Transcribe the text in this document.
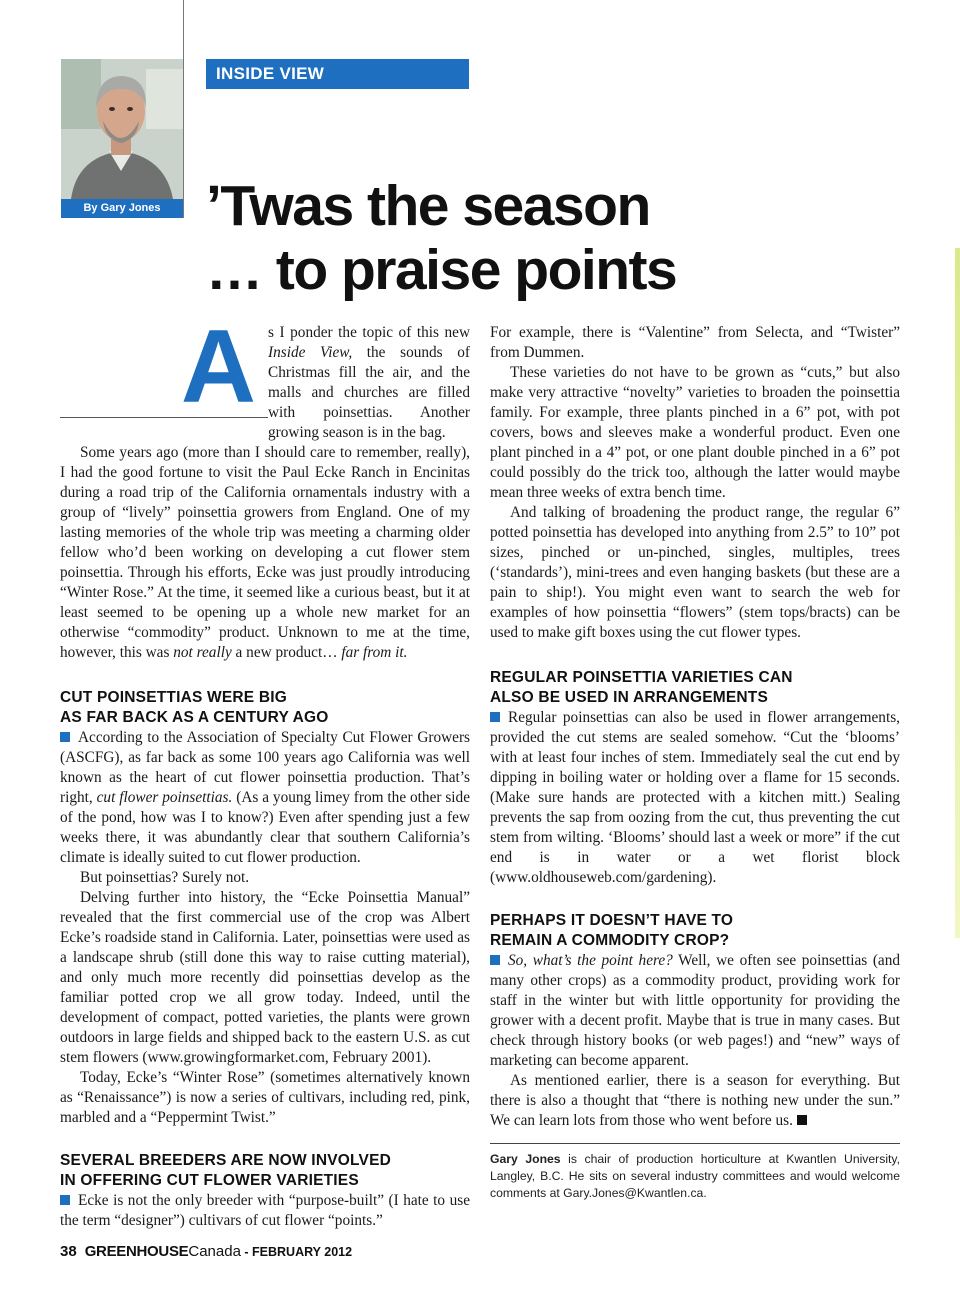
By Gary Jones
INSIDE VIEW
’Twas the season
… to praise points
A s I ponder the topic of this new Inside View, the sounds of Christmas fill the air, and the malls and churches are filled with poinsettias. Another growing season is in the bag.

Some years ago (more than I should care to remember, really), I had the good fortune to visit the Paul Ecke Ranch in Encinitas during a road trip of the California ornamentals industry with a group of “lively” poinsettia growers from England. One of my lasting memories of the whole trip was meeting a charming older fellow who’d been working on developing a cut flower stem poinsettia. Through his efforts, Ecke was just proudly introducing “Winter Rose.” At the time, it seemed like a curious beast, but it at least seemed to be opening up a whole new market for an otherwise “commodity” product. Unknown to me at the time, however, this was not really a new product… far from it.

CUT POINSETTIAS WERE BIG
AS FAR BACK AS A CENTURY AGO

According to the Association of Specialty Cut Flower Growers (ASCFG), as far back as some 100 years ago California was well known as the heart of cut flower poinsettia production. That’s right, cut flower poinsettias. (As a young limey from the other side of the pond, how was I to know?) Even after spending just a few weeks there, it was abundantly clear that southern California’s climate is ideally suited to cut flower production.

But poinsettias? Surely not.

Delving further into history, the “Ecke Poinsettia Manual” revealed that the first commercial use of the crop was Albert Ecke’s roadside stand in California. Later, poinsettias were used as a landscape shrub (still done this way to raise cutting material), and only much more recently did poinsettias develop as the familiar potted crop we all grow today. Indeed, until the development of compact, potted varieties, the plants were grown outdoors in large fields and shipped back to the eastern U.S. as cut stem flowers (www.growingformarket.com, February 2001).

Today, Ecke’s “Winter Rose” (sometimes alternatively known as “Renaissance”) is now a series of cultivars, including red, pink, marbled and a “Peppermint Twist.”

SEVERAL BREEDERS ARE NOW INVOLVED
IN OFFERING CUT FLOWER VARIETIES

Ecke is not the only breeder with “purpose-built” (I hate to use the term “designer”) cultivars of cut flower “points.”

For example, there is “Valentine” from Selecta, and “Twister” from Dummen.

These varieties do not have to be grown as “cuts,” but also make very attractive “novelty” varieties to broaden the poinsettia family. For example, three plants pinched in a 6” pot, with pot covers, bows and sleeves make a wonderful product. Even one plant pinched in a 4” pot, or one plant double pinched in a 6” pot could possibly do the trick too, although the latter would maybe mean three weeks of extra bench time.

And talking of broadening the product range, the regular 6” potted poinsettia has developed into anything from 2.5” to 10” pot sizes, pinched or un-pinched, singles, multiples, trees (‘standards’), mini-trees and even hanging baskets (but these are a pain to ship!). You might even want to search the web for examples of how poinsettia “flowers” (stem tops/bracts) can be used to make gift boxes using the cut flower types.

REGULAR POINSETTIA VARIETIES CAN
ALSO BE USED IN ARRANGEMENTS

Regular poinsettias can also be used in flower arrangements, provided the cut stems are sealed somehow. “Cut the ‘blooms’ with at least four inches of stem. Immediately seal the cut end by dipping in boiling water or holding over a flame for 15 seconds. (Make sure hands are protected with a kitchen mitt.) Sealing prevents the sap from oozing from the cut, thus preventing the cut stem from wilting. ‘Blooms’ should last a week or more” if the cut end is in water or a wet florist block (www.oldhouseweb.com/gardening).

PERHAPS IT DOESN’T HAVE TO
REMAIN A COMMODITY CROP?

So, what’s the point here? Well, we often see poinsettias (and many other crops) as a commodity product, providing work for staff in the winter but with little opportunity for providing the grower with a decent profit. Maybe that is true in many cases. But check through history books (or web pages!) and “new” ways of marketing can become apparent.

As mentioned earlier, there is a season for everything. But there is also a thought that “there is nothing new under the sun.” We can learn lots from those who went before us.

Gary Jones is chair of production horticulture at Kwantlen University, Langley, B.C. He sits on several industry committees and would welcome comments at Gary.Jones@Kwantlen.ca.
38 GREENHOUSECanada - FEBRUARY 2012
